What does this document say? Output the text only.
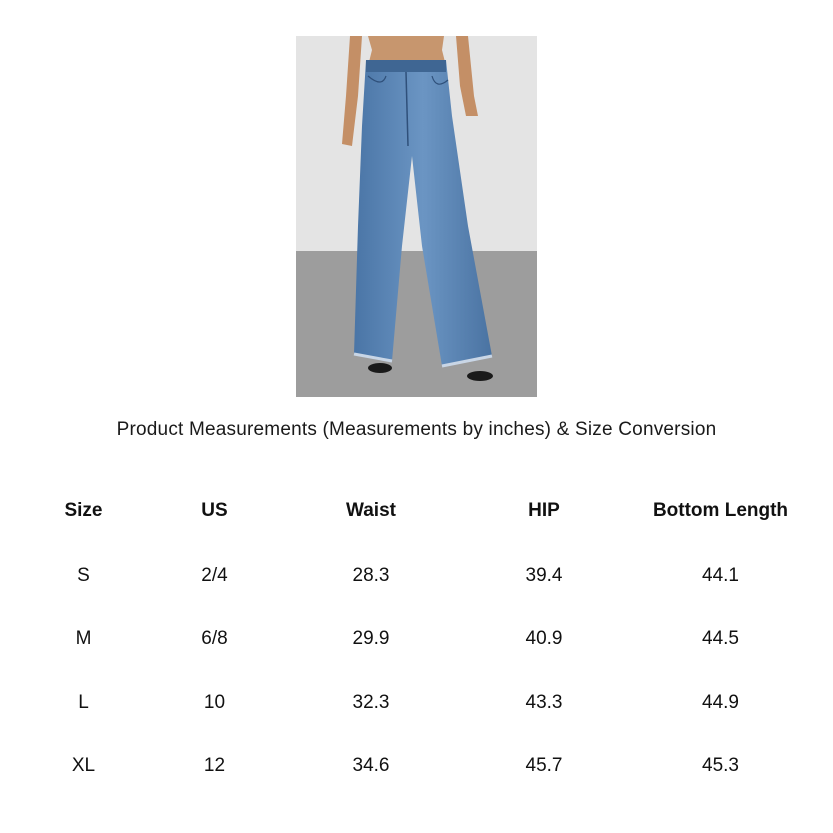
Product Measurements (Measurements by inches) & Size Conversion
Size	US	Waist	HIP	Bottom Length
S	2/4	28.3	39.4	44.1
M	6/8	29.9	40.9	44.5
L	10	32.3	43.3	44.9
XL	12	34.6	45.7	45.3
